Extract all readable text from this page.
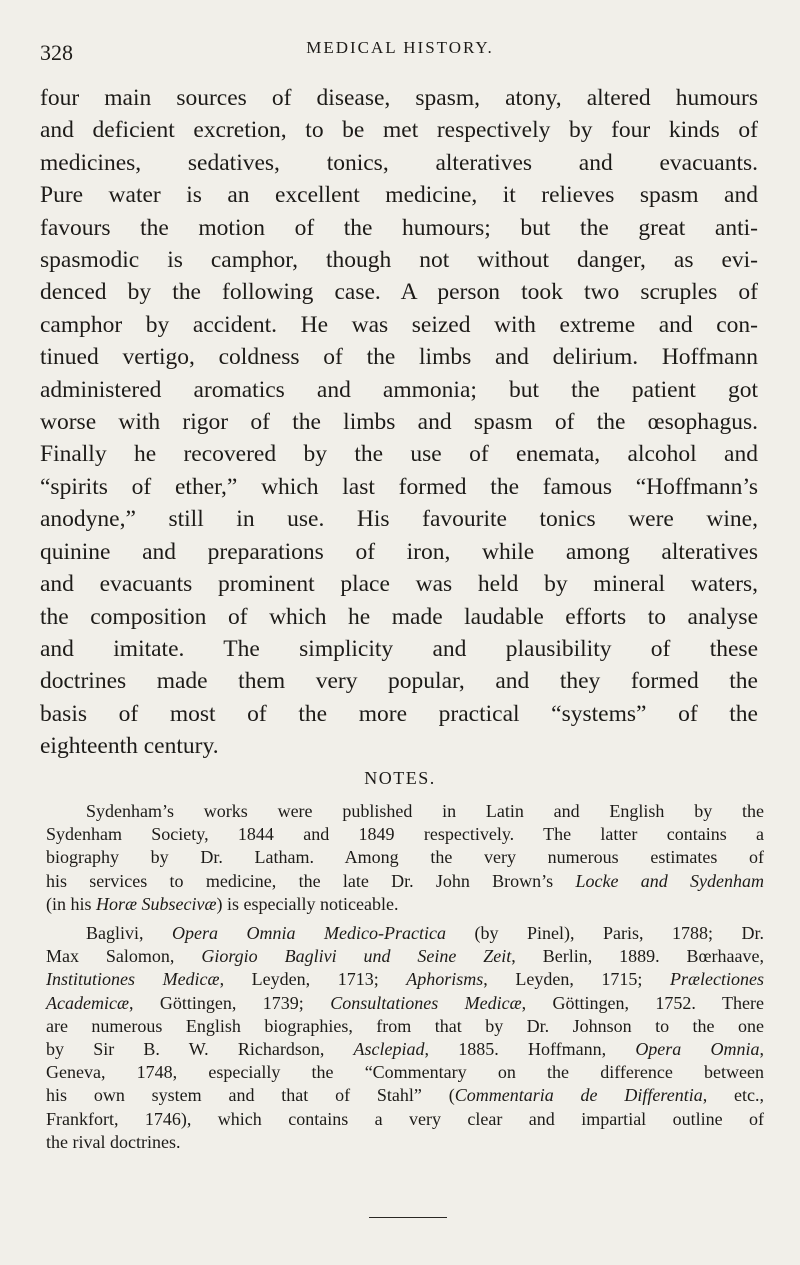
328	MEDICAL HISTORY.
four main sources of disease, spasm, atony, altered humours
and deficient excretion, to be met respectively by four kinds of
medicines, sedatives, tonics, alteratives and evacuants.
Pure water is an excellent medicine, it relieves spasm and
favours the motion of the humours; but the great anti-
spasmodic is camphor, though not without danger, as evi-
denced by the following case. A person took two scruples of
camphor by accident. He was seized with extreme and con-
tinued vertigo, coldness of the limbs and delirium. Hoffmann
administered aromatics and ammonia; but the patient got
worse with rigor of the limbs and spasm of the œsophagus.
Finally he recovered by the use of enemata, alcohol and
“spirits of ether,” which last formed the famous “Hoffmann’s
anodyne,” still in use. His favourite tonics were wine,
quinine and preparations of iron, while among alteratives
and evacuants prominent place was held by mineral waters,
the composition of which he made laudable efforts to analyse
and imitate. The simplicity and plausibility of these
doctrines made them very popular, and they formed the
basis of most of the more practical “systems” of the
eighteenth century.
NOTES.
Sydenham’s works were published in Latin and English by the
Sydenham Society, 1844 and 1849 respectively. The latter contains a
biography by Dr. Latham. Among the very numerous estimates of
his services to medicine, the late Dr. John Brown’s Locke and Sydenham
(in his Horæ Subsecivæ) is especially noticeable.
Baglivi, Opera Omnia Medico-Practica (by Pinel), Paris, 1788; Dr.
Max Salomon, Giorgio Baglivi und Seine Zeit, Berlin, 1889. Bœrhaave,
Institutiones Medicæ, Leyden, 1713; Aphorisms, Leyden, 1715; Prælectiones
Academicæ, Göttingen, 1739; Consultationes Medicæ, Göttingen, 1752. There
are numerous English biographies, from that by Dr. Johnson to the one
by Sir B. W. Richardson, Asclepiad, 1885. Hoffmann, Opera Omnia,
Geneva, 1748, especially the “Commentary on the difference between
his own system and that of Stahl” (Commentaria de Differentia, etc.,
Frankfort, 1746), which contains a very clear and impartial outline of
the rival doctrines.
